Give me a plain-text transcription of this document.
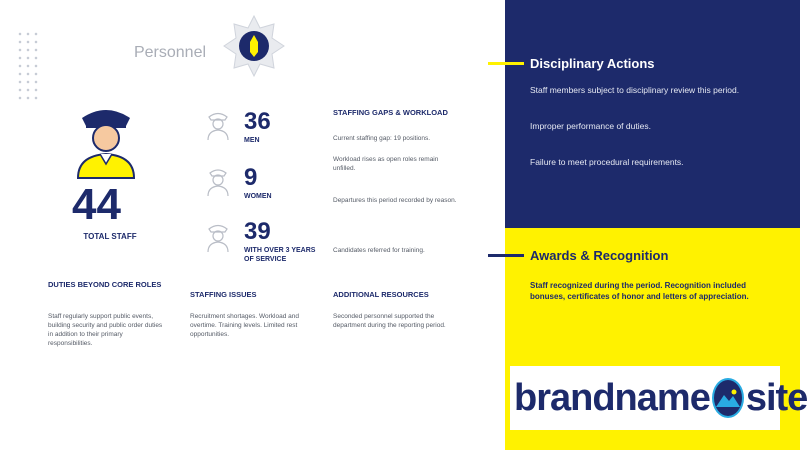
Personnel

44
TOTAL STAFF
36
MEN
9
WOMEN
39
WITH OVER 3 YEARS OF SERVICE
STAFFING GAPS & WORKLOAD
Current staffing gap: 19 positions.
Workload rises as open roles remain unfilled.
Departures this period recorded by reason.
Candidates referred for training.
DUTIES BEYOND CORE ROLES
Staff regularly support public events, building security and public order duties in addition to their primary responsibilities.
STAFFING ISSUES
Recruitment shortages. Workload and overtime. Training levels. Limited rest opportunities.
ADDITIONAL RESOURCES
Seconded personnel supported the department during the reporting period.
Disciplinary Actions
Staff members subject to disciplinary review this period.
Improper performance of duties.
Failure to meet procedural requirements.
Awards & Recognition
Staff recognized during the period. Recognition included bonuses, certificates of honor and letters of appreciation.
brandname site
